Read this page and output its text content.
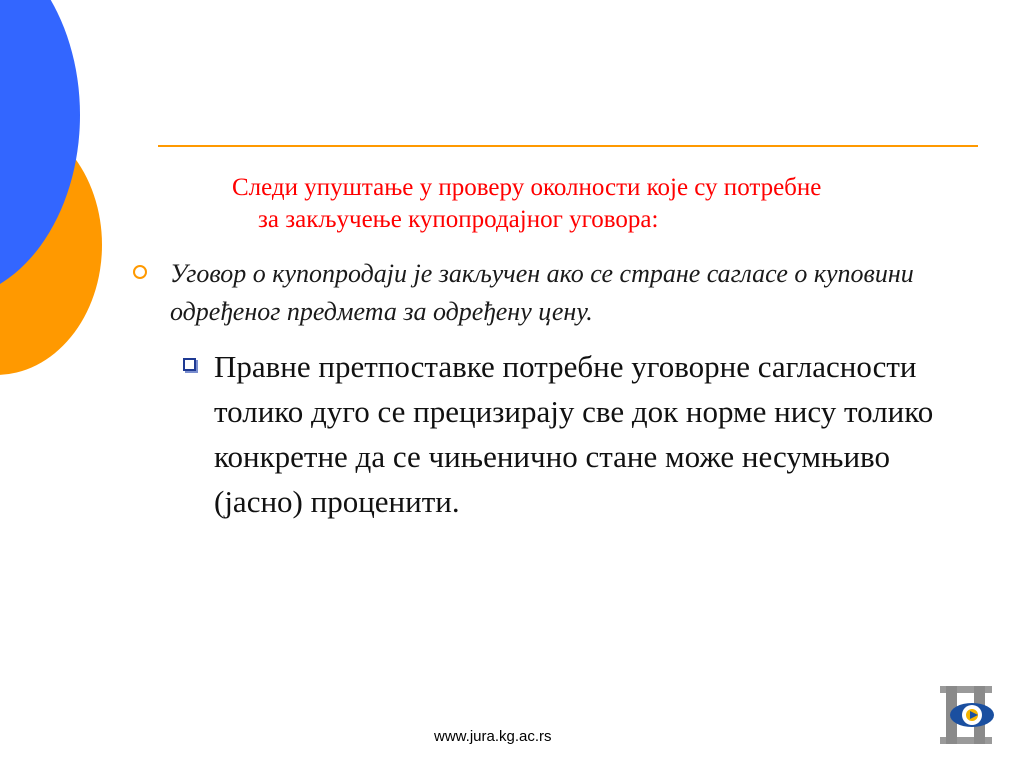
Следи упуштање у проверу околности које су потребне
за закључење купопродајног уговора:
Уговор о купопродаји је закључен ако се стране сагласе о куповини одређеног предмета за одређену цену.
Правне претпоставке потребне уговорне сагласности толико дуго се прецизирају све док норме нису толико конкретне да се чињенично стане може несумњиво (јасно) проценити.
www.jura.kg.ac.rs
